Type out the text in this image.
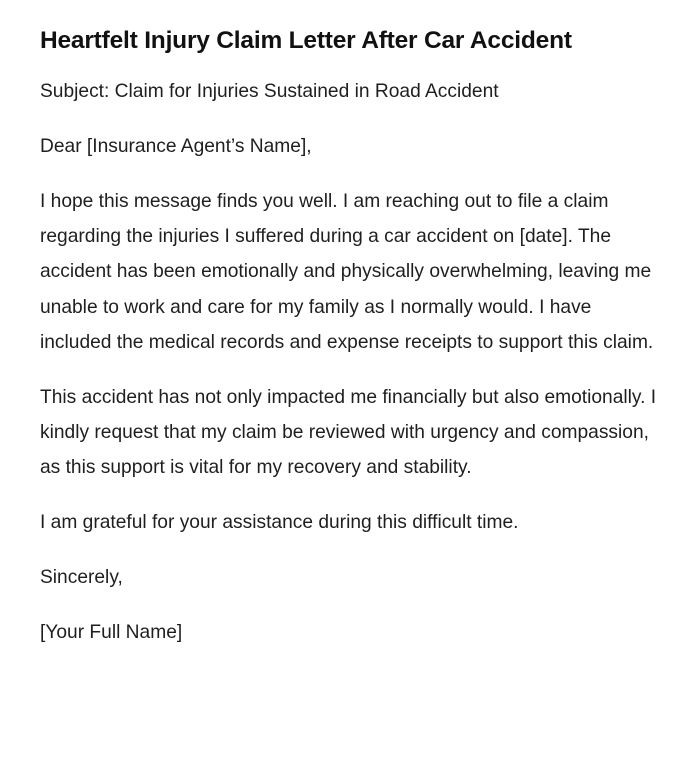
Heartfelt Injury Claim Letter After Car Accident

Subject: Claim for Injuries Sustained in Road Accident

Dear [Insurance Agent’s Name],

I hope this message finds you well. I am reaching out to file a claim regarding the injuries I suffered during a car accident on [date]. The accident has been emotionally and physically overwhelming, leaving me unable to work and care for my family as I normally would. I have included the medical records and expense receipts to support this claim.

This accident has not only impacted me financially but also emotionally. I kindly request that my claim be reviewed with urgency and compassion, as this support is vital for my recovery and stability.

I am grateful for your assistance during this difficult time.

Sincerely,

[Your Full Name]
